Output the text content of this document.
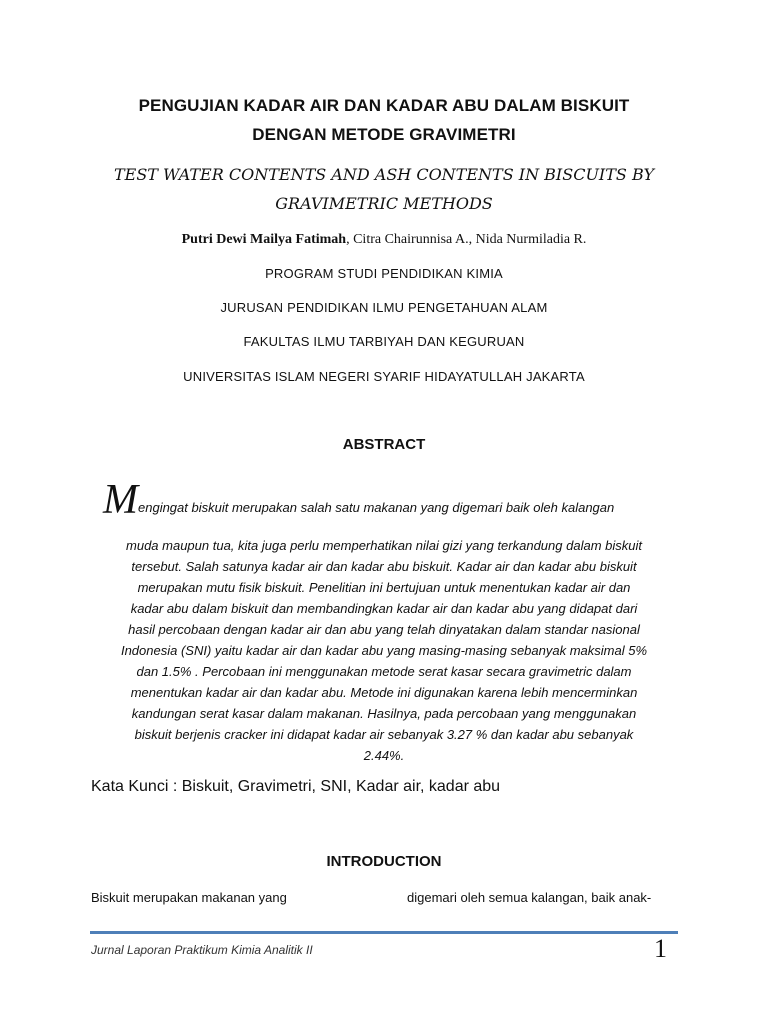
PENGUJIAN KADAR AIR DAN KADAR ABU DALAM BISKUIT
DENGAN METODE GRAVIMETRI
TEST WATER CONTENTS AND ASH CONTENTS IN BISCUITS BY
GRAVIMETRIC METHODS
Putri Dewi Mailya Fatimah, Citra Chairunnisa A., Nida Nurmiladia R.
PROGRAM STUDI PENDIDIKAN KIMIA
JURUSAN PENDIDIKAN ILMU PENGETAHUAN ALAM
FAKULTAS ILMU TARBIYAH DAN KEGURUAN
UNIVERSITAS ISLAM NEGERI SYARIF HIDAYATULLAH JAKARTA
ABSTRACT
M engingat biskuit merupakan salah satu makanan yang digemari baik oleh kalangan
muda maupun tua, kita juga perlu memperhatikan nilai gizi yang terkandung dalam biskuit
tersebut. Salah satunya kadar air dan kadar abu biskuit. Kadar air dan kadar abu biskuit
merupakan mutu fisik biskuit. Penelitian ini bertujuan untuk menentukan kadar air dan
kadar abu dalam biskuit dan membandingkan kadar air dan kadar abu yang didapat dari
hasil percobaan dengan kadar air dan abu yang telah dinyatakan dalam standar nasional
Indonesia (SNI) yaitu kadar air dan kadar abu yang masing-masing sebanyak maksimal 5%
dan 1.5% . Percobaan ini menggunakan metode serat kasar secara gravimetric dalam
menentukan kadar air dan kadar abu. Metode ini digunakan karena lebih mencerminkan
kandungan serat kasar dalam makanan. Hasilnya, pada percobaan yang menggunakan
biskuit berjenis cracker ini didapat kadar air sebanyak 3.27 % dan kadar abu sebanyak
2.44%.
Kata Kunci : Biskuit, Gravimetri, SNI, Kadar air, kadar abu
INTRODUCTION
Biskuit merupakan makanan yang	digemari oleh semua kalangan, baik anak-
Jurnal Laporan Praktikum Kimia Analitik II	1
